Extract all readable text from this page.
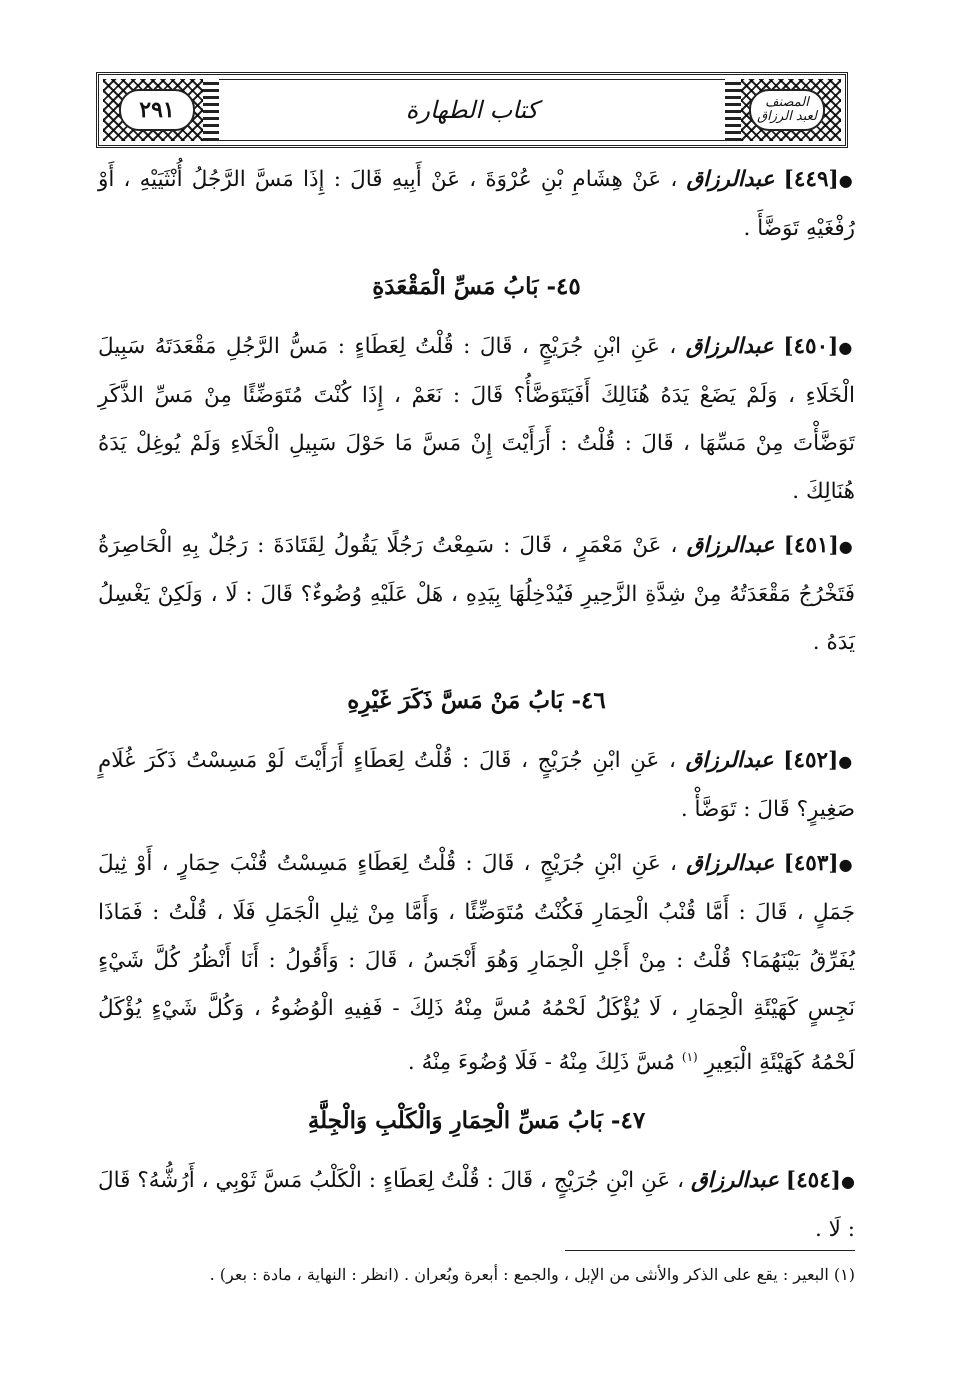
٢٩١	المصنف
لعبد الرزاق
كتاب الطهارة

●[٤٤٩] عبدالرزاق ، عَنْ هِشَامِ بْنِ عُرْوَةَ ، عَنْ أَبِيهِ قَالَ : إِذَا مَسَّ الرَّجُلُ أُنْثَيَيْهِ ، أَوْ رُفْغَيْهِ تَوَضَّأَ .

٤٥- بَابُ مَسِّ الْمَقْعَدَةِ

●[٤٥٠] عبدالرزاق ، عَنِ ابْنِ جُرَيْجٍ ، قَالَ : قُلْتُ لِعَطَاءٍ : مَسُّ الرَّجُلِ مَقْعَدَتَهُ سَبِيلَ الْخَلَاءِ ، وَلَمْ يَضَعْ يَدَهُ هُنَالِكَ أَفَيَتَوَضَّأُ؟ قَالَ : نَعَمْ ، إِذَا كُنْتَ مُتَوَضِّئًا مِنْ مَسِّ الذَّكَرِ تَوَضَّأْتَ مِنْ مَسِّهَا ، قَالَ : قُلْتُ : أَرَأَيْتَ إِنْ مَسَّ مَا حَوْلَ سَبِيلِ الْخَلَاءِ وَلَمْ يُوغِلْ يَدَهُ هُنَالِكَ .

●[٤٥١] عبدالرزاق ، عَنْ مَعْمَرٍ ، قَالَ : سَمِعْتُ رَجُلًا يَقُولُ لِقَتَادَةَ : رَجُلٌ بِهِ الْحَاصِرَةُ فَتَخْرُجُ مَقْعَدَتُهُ مِنْ شِدَّةِ الزَّحِيرِ فَيُدْخِلُهَا بِيَدِهِ ، هَلْ عَلَيْهِ وُضُوءٌ؟ قَالَ : لَا ، وَلَكِنْ يَغْسِلُ يَدَهُ .

٤٦- بَابُ مَنْ مَسَّ ذَكَرَ غَيْرِهِ

●[٤٥٢] عبدالرزاق ، عَنِ ابْنِ جُرَيْجٍ ، قَالَ : قُلْتُ لِعَطَاءٍ أَرَأَيْتَ لَوْ مَسِسْتُ ذَكَرَ غُلَامٍ صَغِيرٍ؟ قَالَ : تَوَضَّأْ .

●[٤٥٣] عبدالرزاق ، عَنِ ابْنِ جُرَيْجٍ ، قَالَ : قُلْتُ لِعَطَاءٍ مَسِسْتُ قُنْبَ حِمَارٍ ، أَوْ ثِيلَ جَمَلٍ ، قَالَ : أَمَّا قُنْبُ الْحِمَارِ فَكُنْتُ مُتَوَضِّئًا ، وَأَمَّا مِنْ ثِيلِ الْجَمَلِ فَلَا ، قُلْتُ : فَمَاذَا يُفَرِّقُ بَيْنَهُمَا؟ قُلْتُ : مِنْ أَجْلِ الْحِمَارِ وَهُوَ أَنْجَسُ ، قَالَ : وَأَقُولُ : أَنَا أَنْظُرُ كُلَّ شَيْءٍ نَجِسٍ كَهَيْئَةِ الْحِمَارِ ، لَا يُؤْكَلُ لَحْمُهُ مُسَّ مِنْهُ ذَلِكَ - فَفِيهِ الْوُضُوءُ ، وَكُلَّ شَيْءٍ يُؤْكَلُ لَحْمُهُ كَهَيْئَةِ الْبَعِيرِ $^{(١)}$ مُسَّ ذَلِكَ مِنْهُ - فَلَا وُضُوءَ مِنْهُ .

٤٧- بَابُ مَسِّ الْحِمَارِ وَالْكَلْبِ وَالْجِلَّةِ

●[٤٥٤] عبدالرزاق ، عَنِ ابْنِ جُرَيْجٍ ، قَالَ : قُلْتُ لِعَطَاءٍ : الْكَلْبُ مَسَّ ثَوْبِي ، أَرُشُّهُ؟ قَالَ : لَا .

(١) البعير : يقع على الذكر والأنثى من الإبل ، والجمع : أبعرة وبُعران . (انظر : النهاية ، مادة : بعر) .
